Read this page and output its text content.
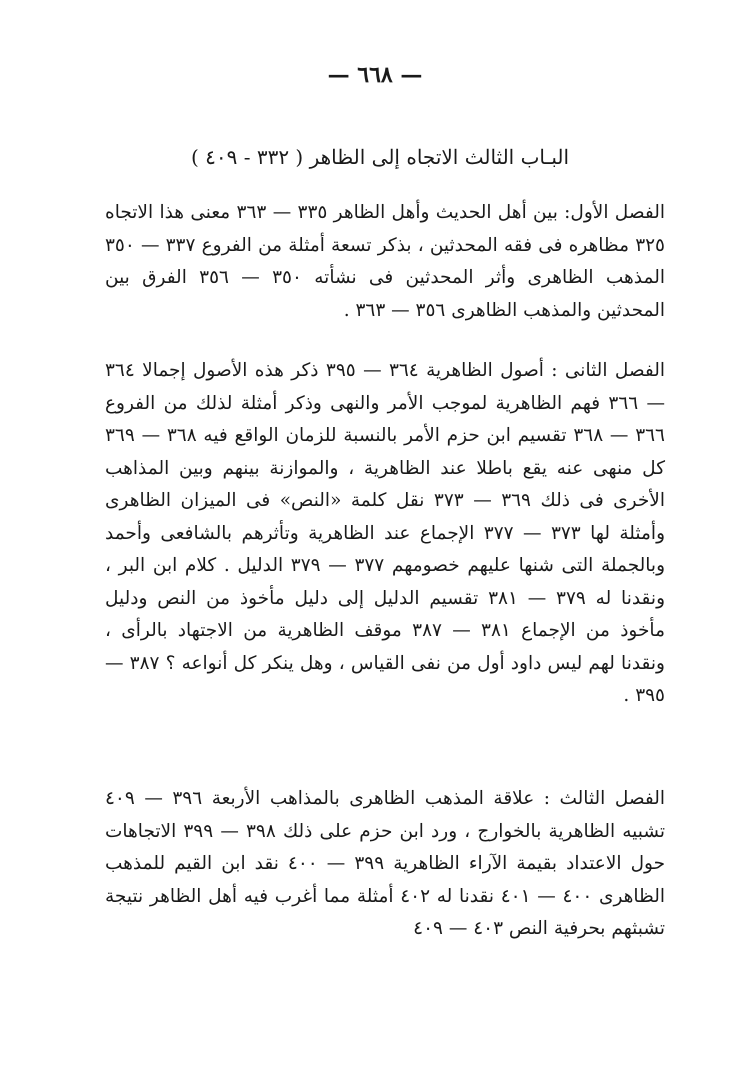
— ٦٦٨ —
البـاب الثالث الاتجاه إلى الظاهر ( ٣٣٢ - ٤٠٩ )

الفصل الأول: بين أهل الحديث وأهل الظاهر ٣٣٥ — ٣٦٣ معنى هذا الاتجاه ٣٢٥ مظاهره فى فقه المحدثين ، بذكر تسعة أمثلة من الفروع ٣٣٧ — ٣٥٠ المذهب الظاهرى وأثر المحدثين فى نشأته ٣٥٠ — ٣٥٦ الفرق بين المحدثين والمذهب الظاهرى ٣٥٦ — ٣٦٣ .

الفصل الثانى : أصول الظاهرية ٣٦٤ — ٣٩٥ ذكر هذه الأصول إجمالا ٣٦٤ — ٣٦٦ فهم الظاهرية لموجب الأمر والنهى وذكر أمثلة لذلك من الفروع ٣٦٦ — ٣٦٨ تقسيم ابن حزم الأمر بالنسبة للزمان الواقع فيه ٣٦٨ — ٣٦٩ كل منهى عنه يقع باطلا عند الظاهرية ، والموازنة بينهم وبين المذاهب الأخرى فى ذلك ٣٦٩ — ٣٧٣ نقل كلمة «النص» فى الميزان الظاهرى وأمثلة لها ٣٧٣ — ٣٧٧ الإجماع عند الظاهرية وتأثرهم بالشافعى وأحمد وبالجملة التى شنها عليهم خصومهم ٣٧٧ — ٣٧٩ الدليل . كلام ابن البر ، ونقدنا له ٣٧٩ — ٣٨١ تقسيم الدليل إلى دليل مأخوذ من النص ودليل مأخوذ من الإجماع ٣٨١ — ٣٨٧ موقف الظاهرية من الاجتهاد بالرأى ، ونقدنا لهم ليس داود أول من نفى القياس ، وهل ينكر كل أنواعه ؟ ٣٨٧ — ٣٩٥ .

الفصل الثالث : علاقة المذهب الظاهرى بالمذاهب الأربعة ٣٩٦ — ٤٠٩ تشبيه الظاهرية بالخوارج ، ورد ابن حزم على ذلك ٣٩٨ — ٣٩٩ الاتجاهات حول الاعتداد بقيمة الآراء الظاهرية ٣٩٩ — ٤٠٠ نقد ابن القيم للمذهب الظاهرى ٤٠٠ — ٤٠١ نقدنا له ٤٠٢ أمثلة مما أغرب فيه أهل الظاهر نتيجة تشبثهم بحرفية النص ٤٠٣ — ٤٠٩
